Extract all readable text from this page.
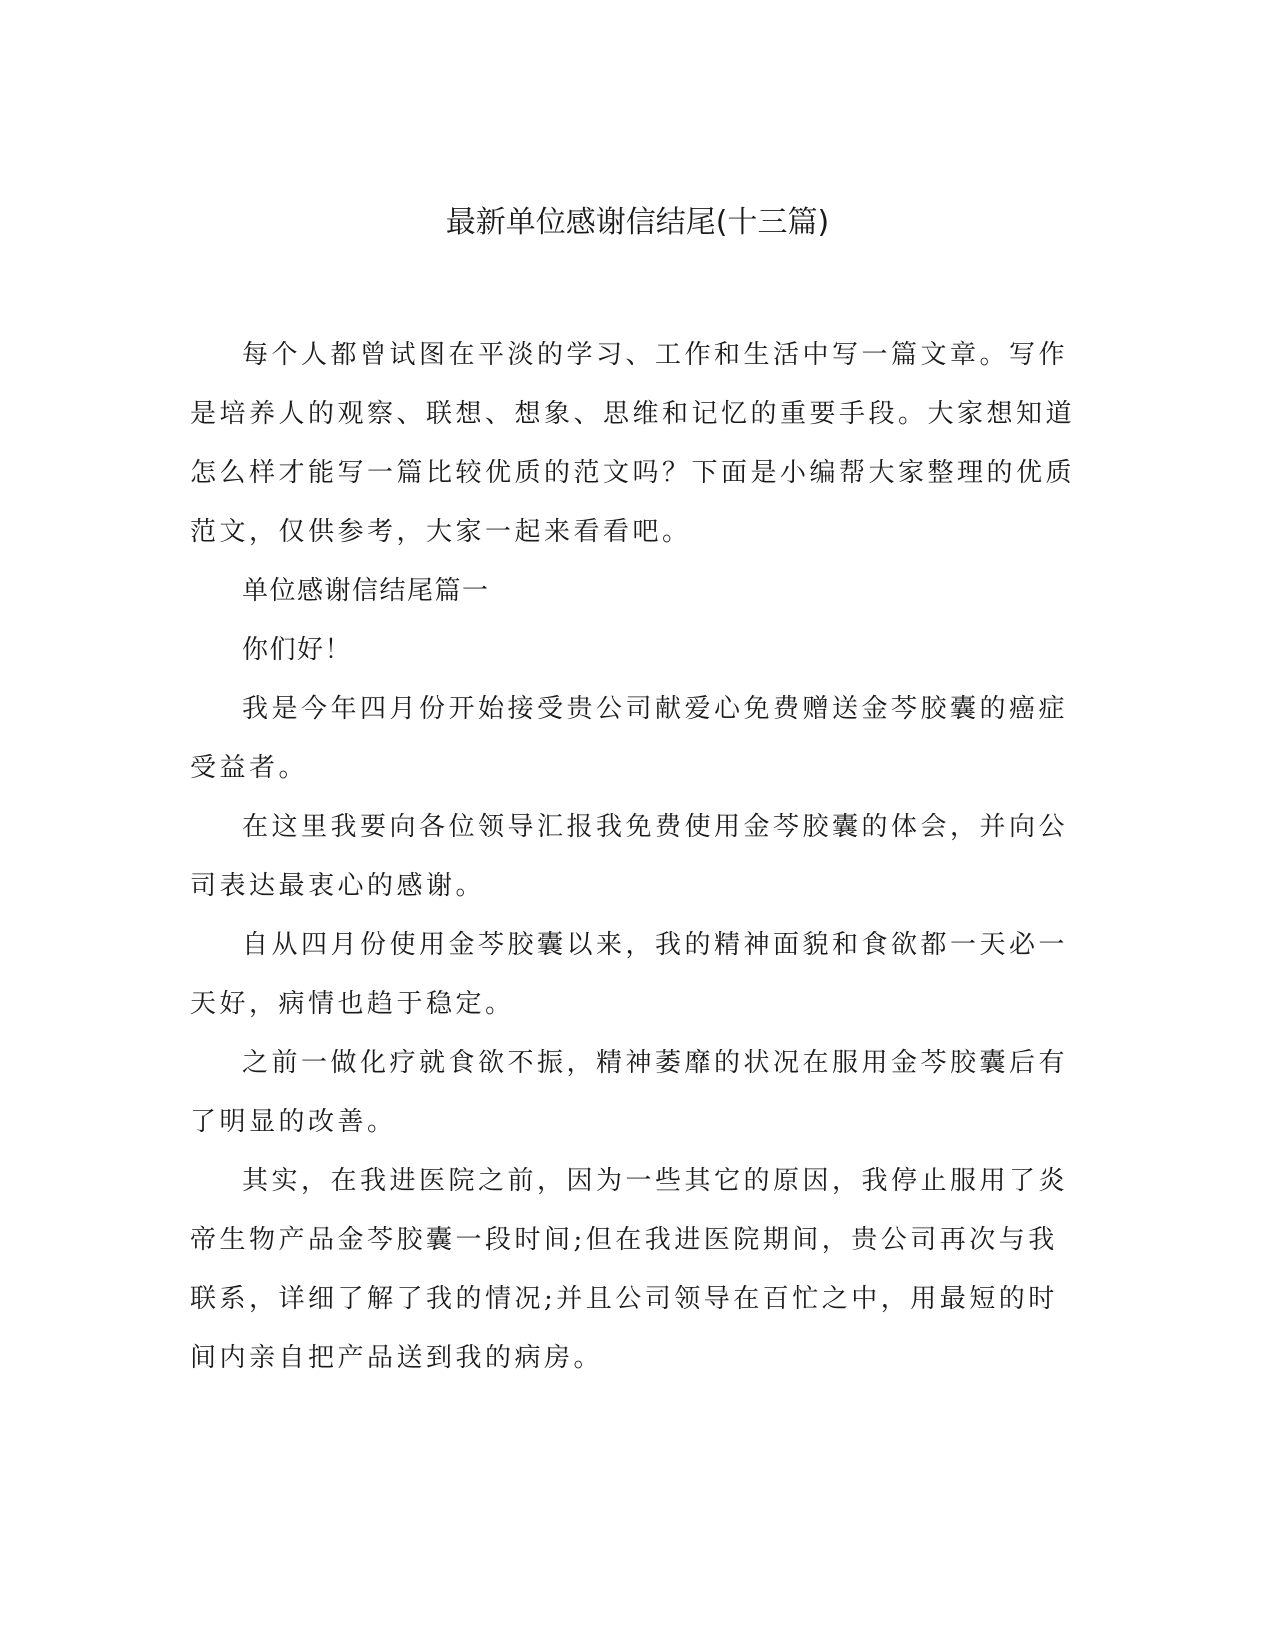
最新单位感谢信结尾(十三篇)

每个人都曾试图在平淡的学习、工作和生活中写一篇文章。写作是培养人的观察、联想、想象、思维和记忆的重要手段。大家想知道怎么样才能写一篇比较优质的范文吗？下面是小编帮大家整理的优质范文，仅供参考，大家一起来看看吧。

单位感谢信结尾篇一

你们好！

我是今年四月份开始接受贵公司献爱心免费赠送金芩胶囊的癌症受益者。

在这里我要向各位领导汇报我免费使用金芩胶囊的体会，并向公司表达最衷心的感谢。

自从四月份使用金芩胶囊以来，我的精神面貌和食欲都一天必一天好，病情也趋于稳定。

之前一做化疗就食欲不振，精神萎靡的状况在服用金芩胶囊后有了明显的改善。

其实，在我进医院之前，因为一些其它的原因，我停止服用了炎帝生物产品金芩胶囊一段时间;但在我进医院期间，贵公司再次与我联系，详细了解了我的情况;并且公司领导在百忙之中，用最短的时间内亲自把产品送到我的病房。
